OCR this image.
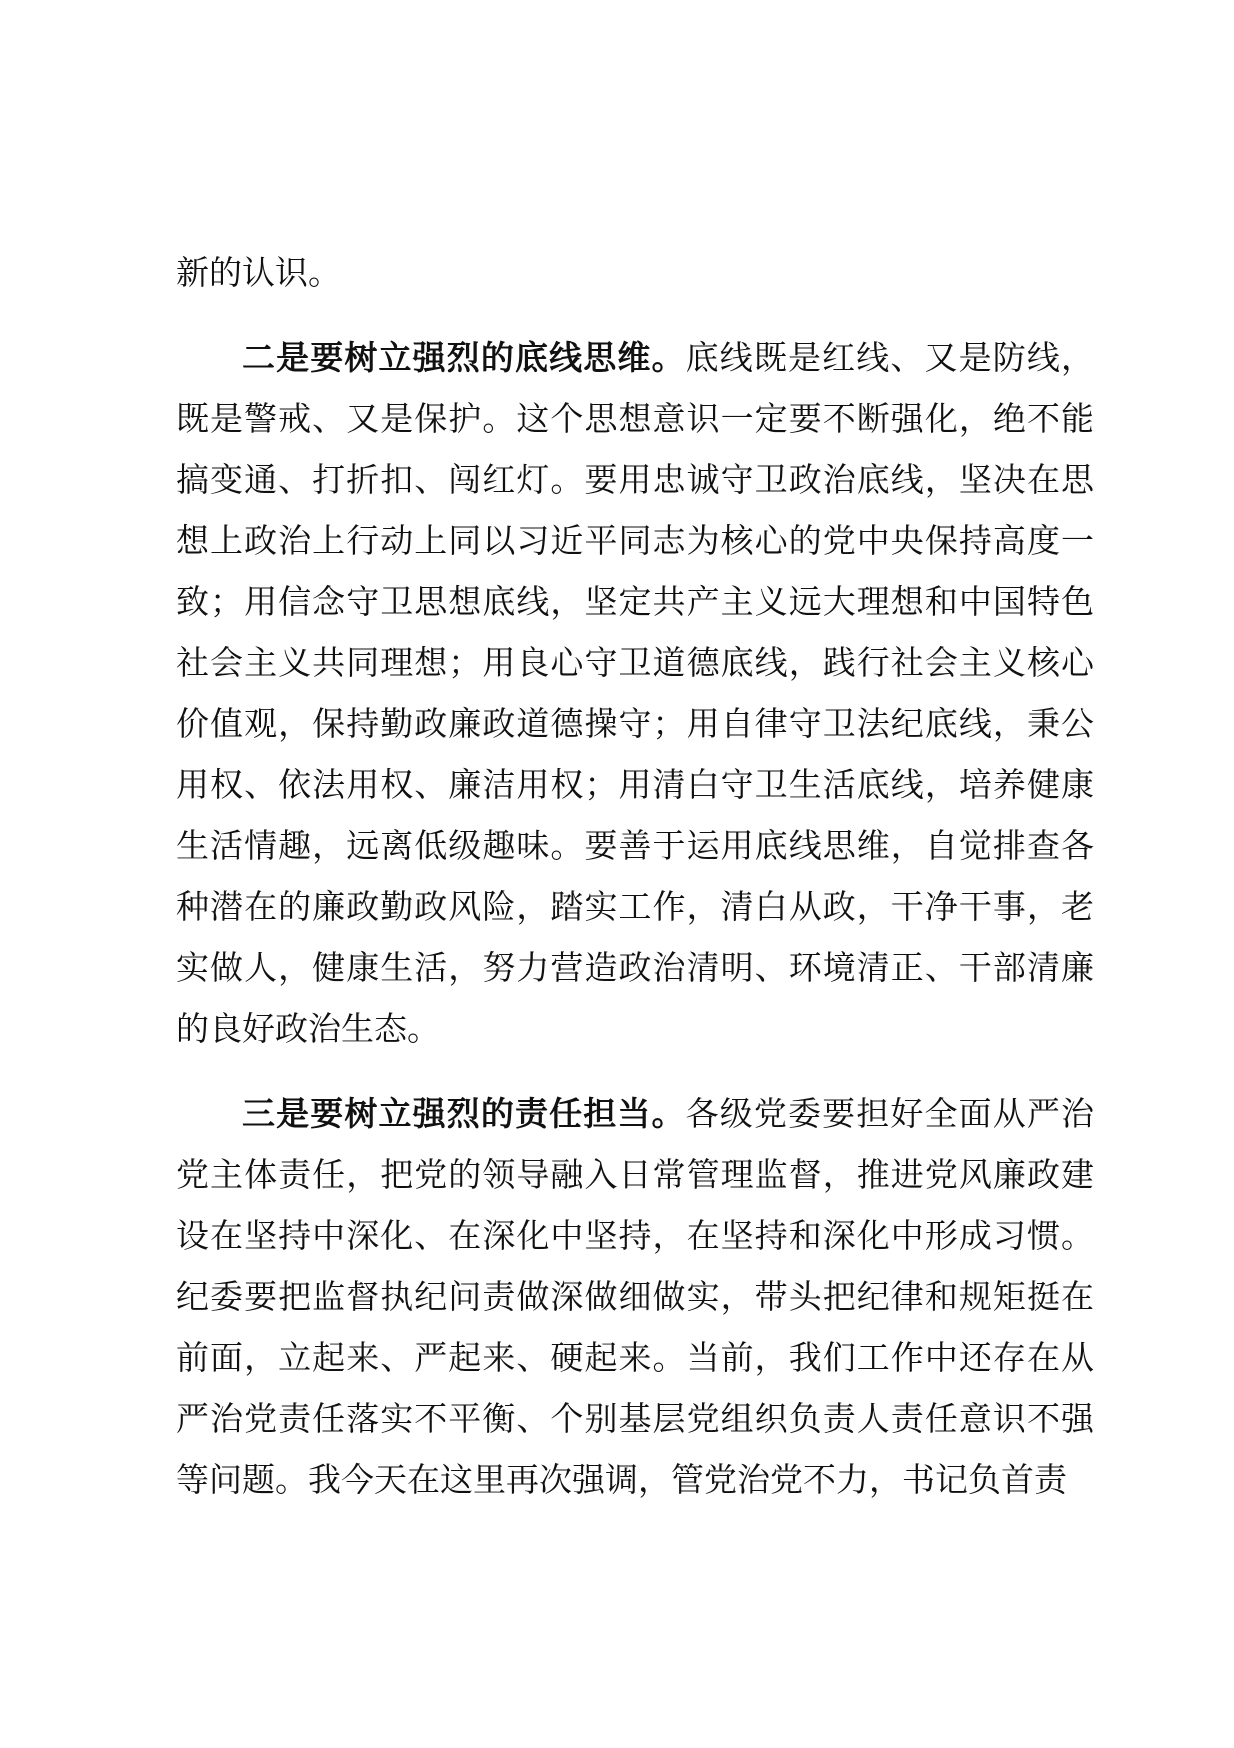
新的认识。

二是要树立强烈的底线思维。底线既是红线、又是防线，既是警戒、又是保护。这个思想意识一定要不断强化，绝不能搞变通、打折扣、闯红灯。要用忠诚守卫政治底线，坚决在思想上政治上行动上同以习近平同志为核心的党中央保持高度一致；用信念守卫思想底线，坚定共产主义远大理想和中国特色社会主义共同理想；用良心守卫道德底线，践行社会主义核心价值观，保持勤政廉政道德操守；用自律守卫法纪底线，秉公用权、依法用权、廉洁用权；用清白守卫生活底线，培养健康生活情趣，远离低级趣味。要善于运用底线思维，自觉排查各种潜在的廉政勤政风险，踏实工作，清白从政，干净干事，老实做人，健康生活，努力营造政治清明、环境清正、干部清廉的良好政治生态。

三是要树立强烈的责任担当。各级党委要担好全面从严治党主体责任，把党的领导融入日常管理监督，推进党风廉政建设在坚持中深化、在深化中坚持，在坚持和深化中形成习惯。纪委要把监督执纪问责做深做细做实，带头把纪律和规矩挺在前面，立起来、严起来、硬起来。当前，我们工作中还存在从严治党责任落实不平衡、个别基层党组织负责人责任意识不强等问题。我今天在这里再次强调，管党治党不力，书记负首责
